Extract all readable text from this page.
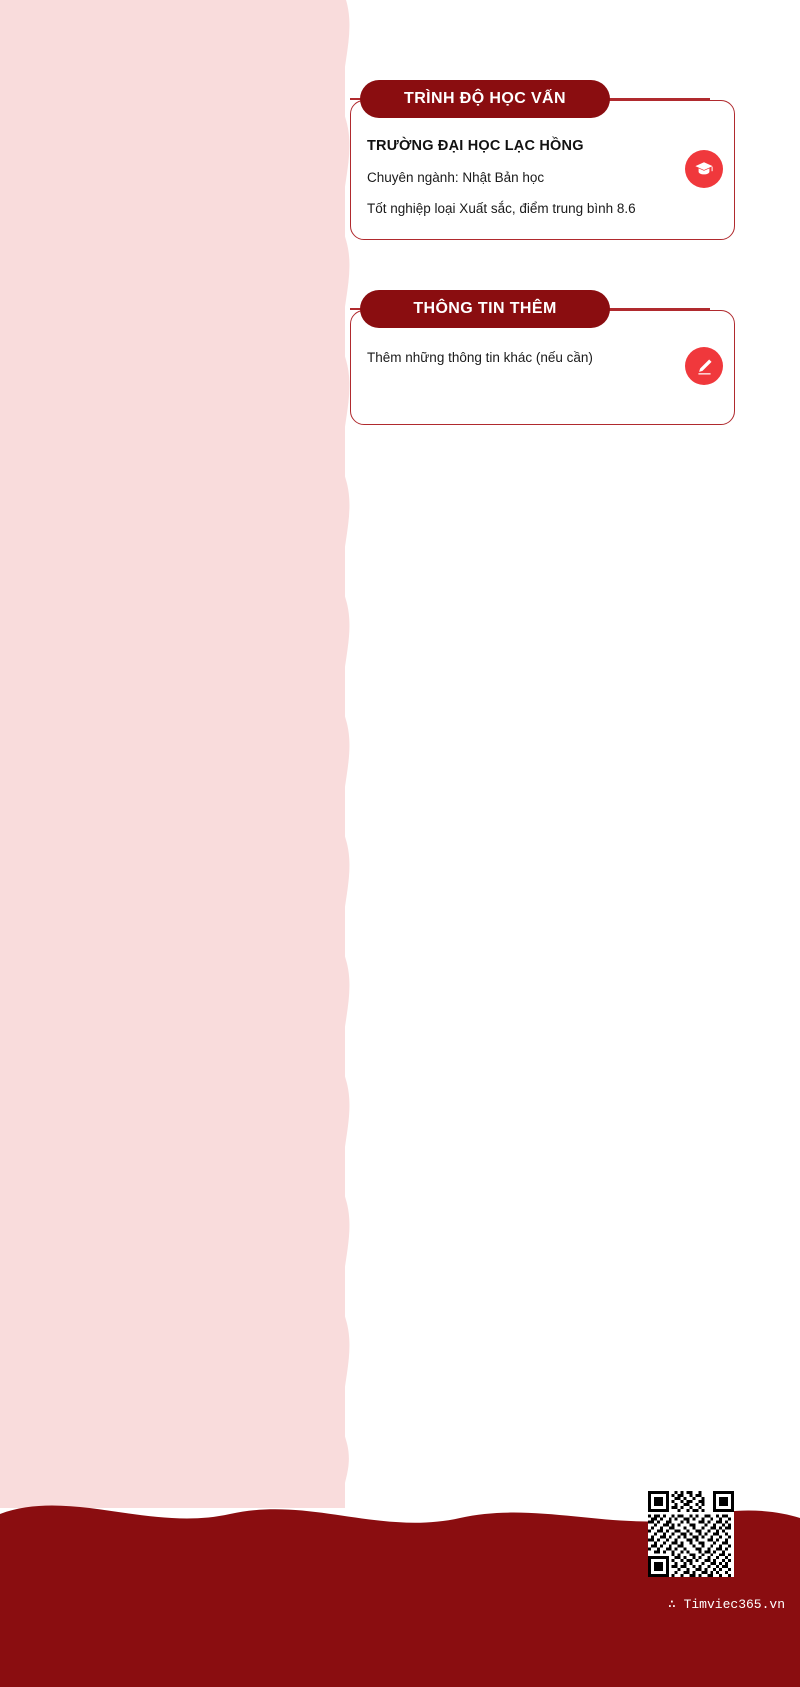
TRÌNH ĐỘ HỌC VẤN
TRƯỜNG ĐẠI HỌC LẠC HỒNG
Chuyên ngành: Nhật Bản học
Tốt nghiệp loại Xuất sắc, điểm trung bình 8.6
THÔNG TIN THÊM
Thêm những thông tin khác (nếu cần)
∴ Timviec365.vn
